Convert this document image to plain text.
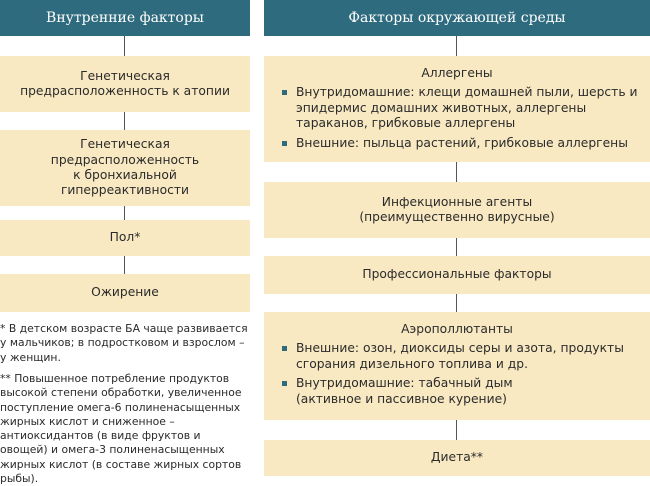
Внутренние факторы
Генетическая
предрасположенность к атопии
Генетическая
предрасположенность
к бронхиальной
гиперреактивности
Пол*
Ожирение
* В детском возрасте БА чаще развивается у мальчиков; в подростковом и взрослом – у женщин.
** Повышенное потребление продуктов высокой степени обработки, увеличенное поступление омега-6 полиненасыщенных жирных кислот и сниженное – антиоксидантов (в виде фруктов и овощей) и омега-3 полиненасыщенных жирных кислот (в составе жирных сортов рыбы).
Факторы окружающей среды
Аллергены
Внутридомашние: клещи домашней пыли, шерсть и эпидермис домашних животных, аллергены тараканов, грибковые аллергены
Внешние: пыльца растений, грибковые аллергены
Инфекционные агенты
(преимущественно вирусные)
Профессиональные факторы
Аэрополлютанты
Внешние: озон, диоксиды серы и азота, продукты сгорания дизельного топлива и др.
Внутридомашние: табачный дым
(активное и пассивное курение)
Диета**
